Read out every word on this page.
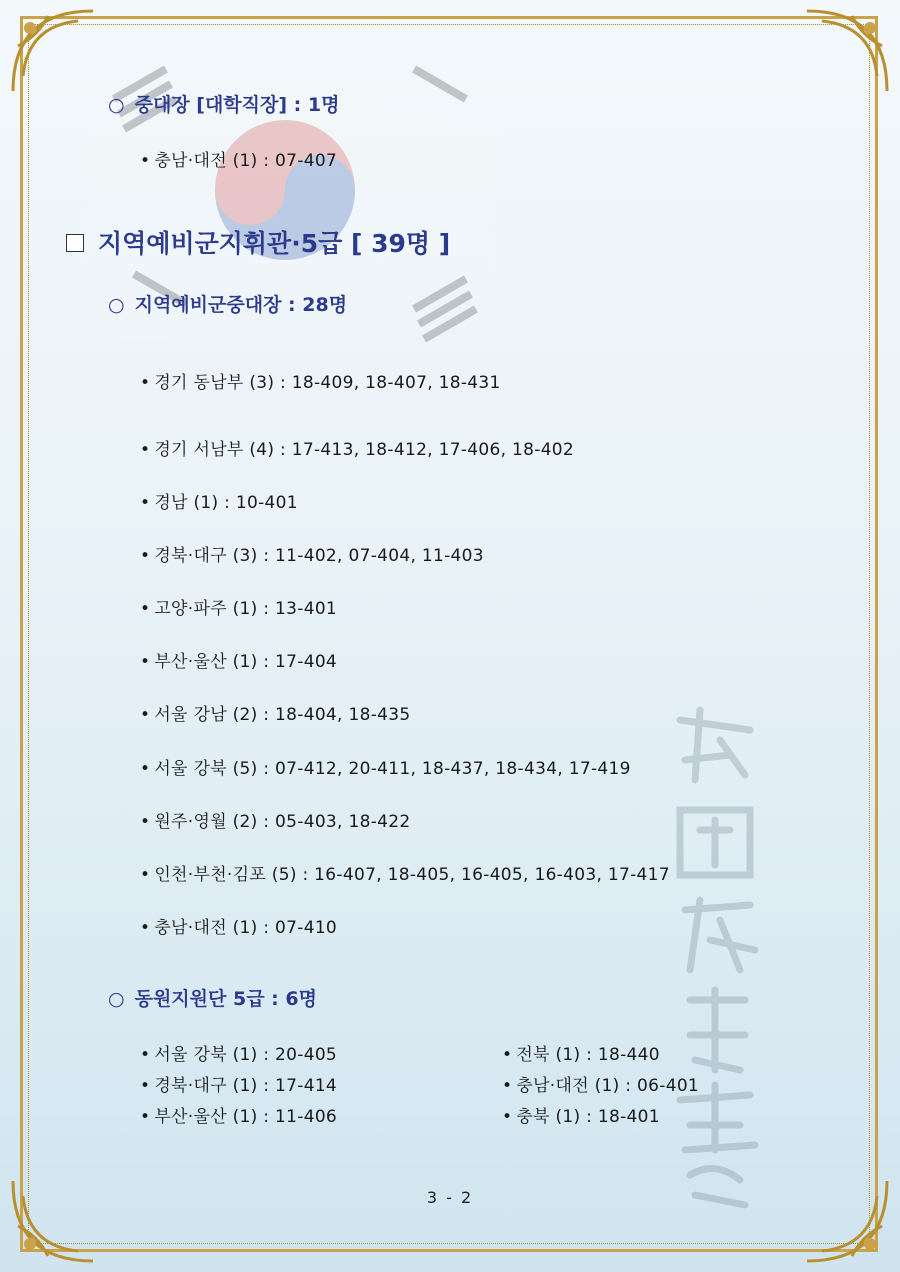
○ 중대장 [대학직장] : 1명
• 충남·대전 (1) : 07-407
지역예비군지휘관·5급 [ 39명 ]
○ 지역예비군중대장 : 28명
• 경기 동남부 (3) : 18-409, 18-407, 18-431
• 경기 서남부 (4) : 17-413, 18-412, 17-406, 18-402
• 경남 (1) : 10-401
• 경북·대구 (3) : 11-402, 07-404, 11-403
• 고양·파주 (1) : 13-401
• 부산·울산 (1) : 17-404
• 서울 강남 (2) : 18-404, 18-435
• 서울 강북 (5) : 07-412, 20-411, 18-437, 18-434, 17-419
• 원주·영월 (2) : 05-403, 18-422
• 인천·부천·김포 (5) : 16-407, 18-405, 16-405, 16-403, 17-417
• 충남·대전 (1) : 07-410
○ 동원지원단 5급 : 6명
• 서울 강북 (1) : 20-405
• 경북·대구 (1) : 17-414
• 부산·울산 (1) : 11-406
• 전북 (1) : 18-440
• 충남·대전 (1) : 06-401
• 충북 (1) : 18-401
3 - 2
